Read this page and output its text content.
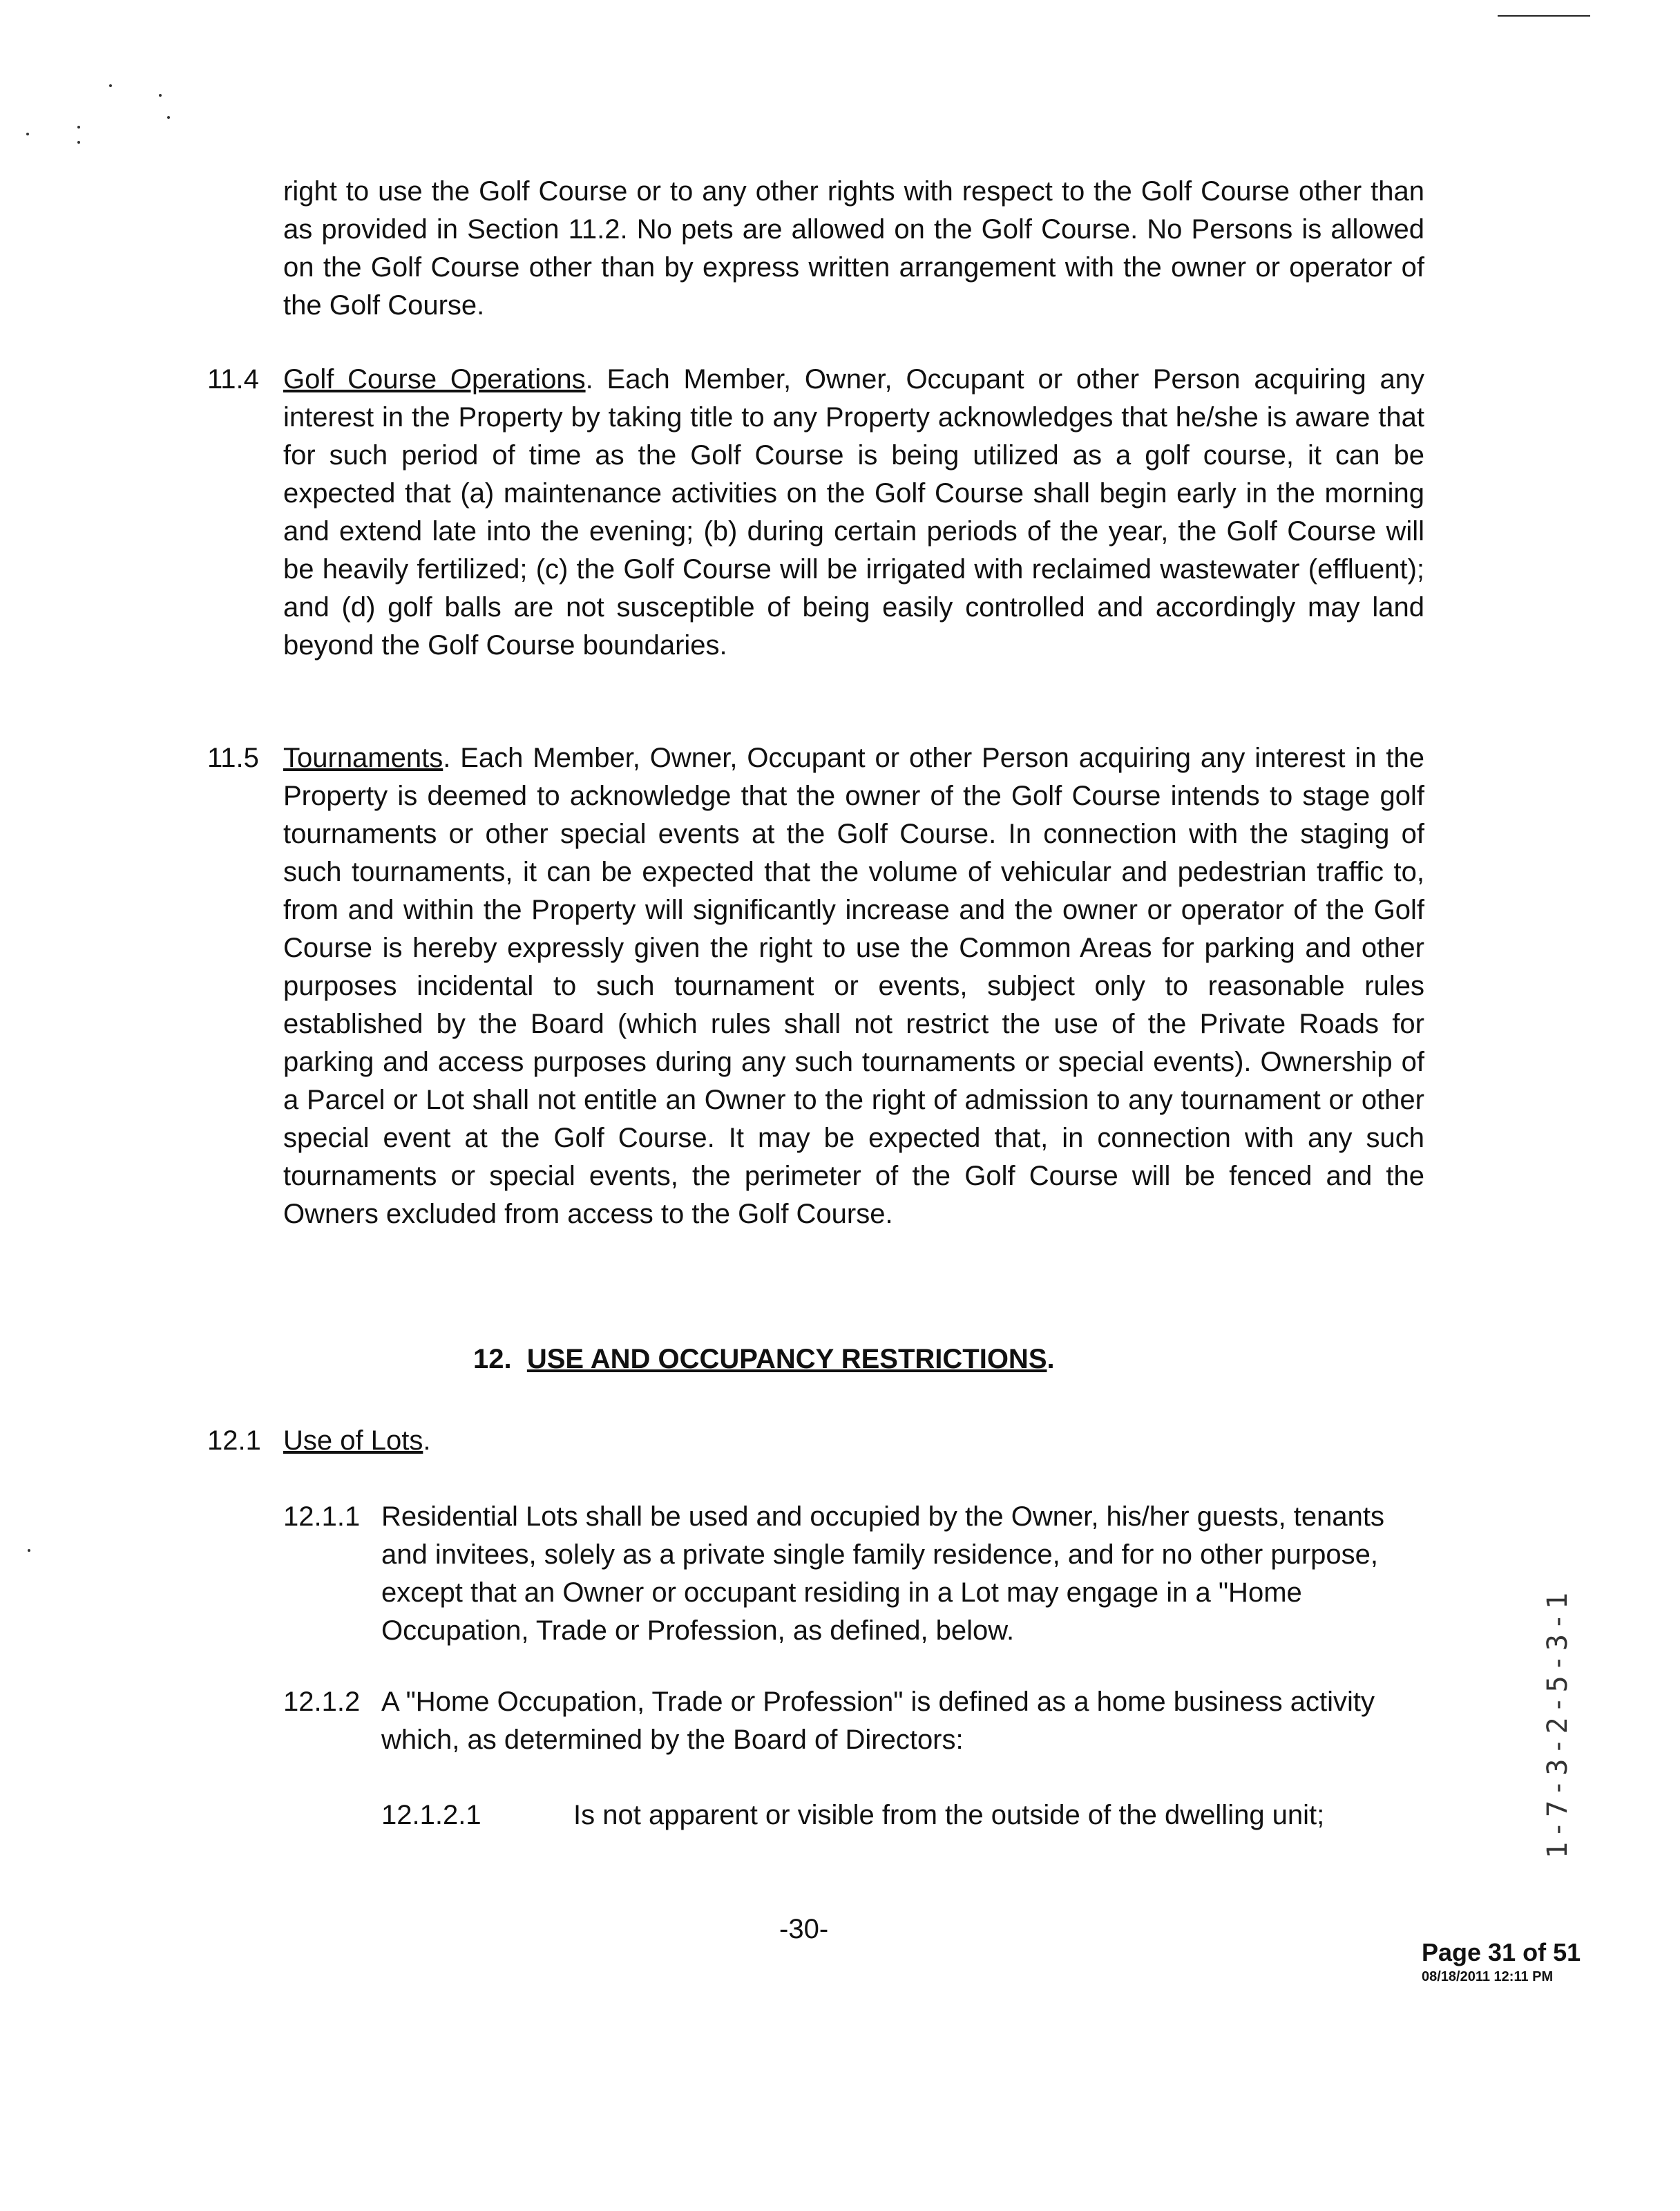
right to use the Golf Course or to any other rights with respect to the Golf Course other than as provided in Section 11.2. No pets are allowed on the Golf Course. No Persons is allowed on the Golf Course other than by express written arrangement with the owner or operator of the Golf Course.

11.4 Golf Course Operations. Each Member, Owner, Occupant or other Person acquiring any interest in the Property by taking title to any Property acknowledges that he/she is aware that for such period of time as the Golf Course is being utilized as a golf course, it can be expected that (a) maintenance activities on the Golf Course shall begin early in the morning and extend late into the evening; (b) during certain periods of the year, the Golf Course will be heavily fertilized; (c) the Golf Course will be irrigated with reclaimed wastewater (effluent); and (d) golf balls are not susceptible of being easily controlled and accordingly may land beyond the Golf Course boundaries.

11.5 Tournaments. Each Member, Owner, Occupant or other Person acquiring any interest in the Property is deemed to acknowledge that the owner of the Golf Course intends to stage golf tournaments or other special events at the Golf Course. In connection with the staging of such tournaments, it can be expected that the volume of vehicular and pedestrian traffic to, from and within the Property will significantly increase and the owner or operator of the Golf Course is hereby expressly given the right to use the Common Areas for parking and other purposes incidental to such tournament or events, subject only to reasonable rules established by the Board (which rules shall not restrict the use of the Private Roads for parking and access purposes during any such tournaments or special events). Ownership of a Parcel or Lot shall not entitle an Owner to the right of admission to any tournament or other special event at the Golf Course. It may be expected that, in connection with any such tournaments or special events, the perimeter of the Golf Course will be fenced and the Owners excluded from access to the Golf Course.

12. USE AND OCCUPANCY RESTRICTIONS.
12.1 Use of Lots.
12.1.1 Residential Lots shall be used and occupied by the Owner, his/her guests, tenants and invitees, solely as a private single family residence, and for no other purpose, except that an Owner or occupant residing in a Lot may engage in a "Home Occupation, Trade or Profession, as defined, below.

12.1.2 A "Home Occupation, Trade or Profession" is defined as a home business activity which, as determined by the Board of Directors:

12.1.2.1	Is not apparent or visible from the outside of the dwelling unit;
-30-
Page 31 of 51
08/18/2011 12:11 PM
1-7-3-2-5-3-1
